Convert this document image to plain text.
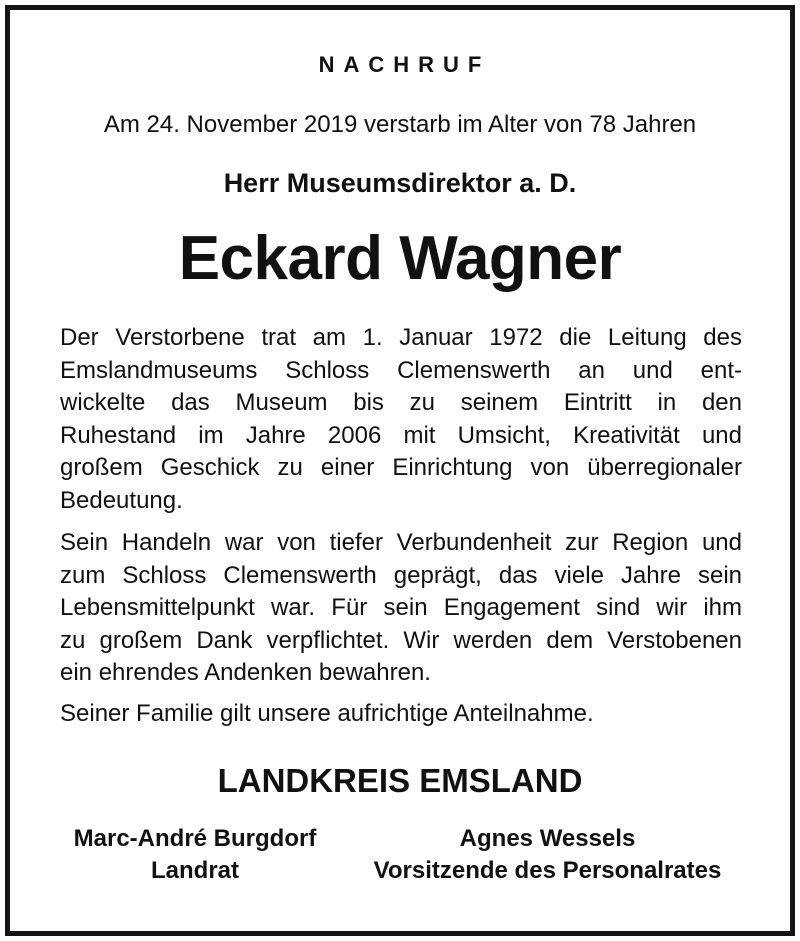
NACHRUF
Am 24. November 2019 verstarb im Alter von 78 Jahren
Herr Museumsdirektor a. D.
Eckard Wagner

Der Verstorbene trat am 1. Januar 1972 die Leitung des
Emslandmuseums Schloss Clemenswerth an und ent-
wickelte das Museum bis zu seinem Eintritt in den
Ruhestand im Jahre 2006 mit Umsicht, Kreativität und
großem Geschick zu einer Einrichtung von überregionaler
Bedeutung.

Sein Handeln war von tiefer Verbundenheit zur Region und
zum Schloss Clemenswerth geprägt, das viele Jahre sein
Lebensmittelpunkt war. Für sein Engagement sind wir ihm
zu großem Dank verpflichtet. Wir werden dem Verstobenen
ein ehrendes Andenken bewahren.

Seiner Familie gilt unsere aufrichtige Anteilnahme.

LANDKREIS EMSLAND
Marc-André Burgdorf
Landrat
Agnes Wessels
Vorsitzende des Personalrates
